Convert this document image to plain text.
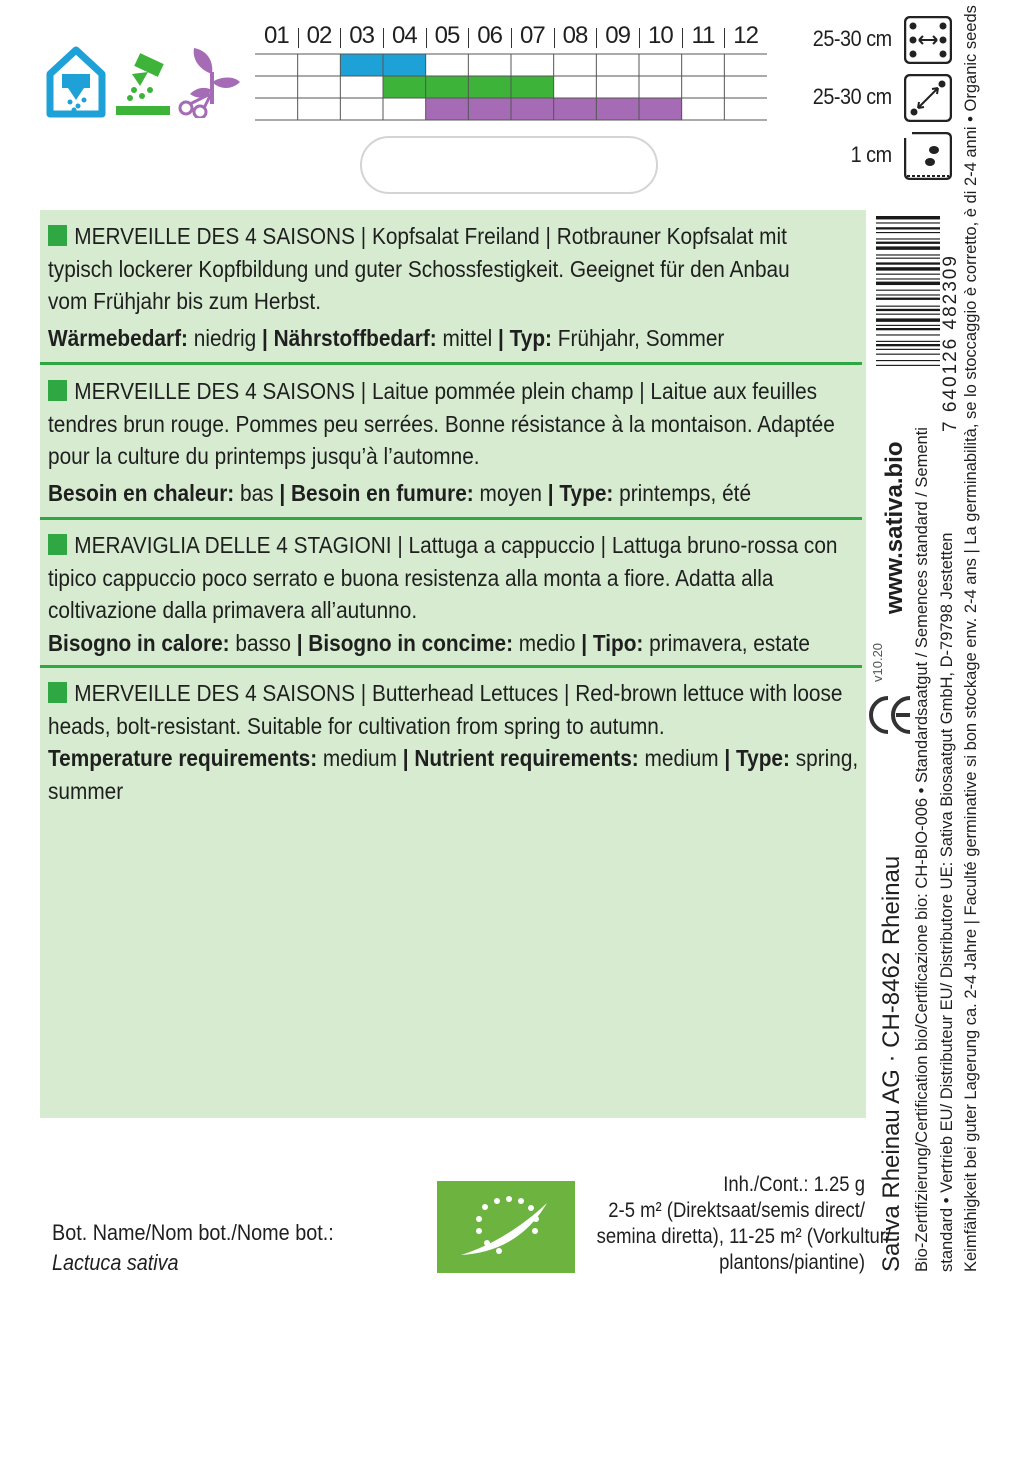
01 02 03 04 05 06 07 08 09 10 11 12	25-30 cm
25-30 cm
1 cm

MERVEILLE DES 4 SAISONS | Kopfsalat Freiland | Rotbrauner Kopfsalat mit
typisch lockerer Kopfbildung und guter Schossfestigkeit. Geeignet für den Anbau
vom Frühjahr bis zum Herbst.

Wärmebedarf: niedrig | Nährstoffbedarf: mittel | Typ: Frühjahr, Sommer

MERVEILLE DES 4 SAISONS | Laitue pommée plein champ | Laitue aux feuilles
tendres brun rouge. Pommes peu serrées. Bonne résistance à la montaison. Adaptée
pour la culture du printemps jusqu’à l’automne.

Besoin en chaleur: bas | Besoin en fumure: moyen | Type: printemps, été

MERAVIGLIA DELLE 4 STAGIONI | Lattuga a cappuccio | Lattuga bruno-rossa con
tipico cappuccio poco serrato e buona resistenza alla monta a fiore. Adatta alla
coltivazione dalla primavera all’autunno.

Bisogno in calore: basso | Bisogno in concime: medio | Tipo: primavera, estate

MERVEILLE DES 4 SAISONS | Butterhead Lettuces | Red-brown lettuce with loose
heads, bolt-resistant. Suitable for cultivation from spring to autumn.

Temperature requirements: medium | Nutrient requirements: medium | Type: spring,
summer

Bot. Name/Nom bot./Nome bot.:
Lactuca sativa
Inh./Cont.: 1.25 g
2-5 m² (Direktsaat/semis direct/
semina diretta), 11-25 m² (Vorkultur/
plantons/piantine)
7 640126 482309
www.sativa.bio
v10.20
Sativa Rheinau AG · CH-8462 Rheinau Bio-Zertifizierung/Certification bio/Certificazione bio: CH-BIO-006 • Standardsaatgut / Semences standard / Sementi standard • Vertrieb EU/ Distributeur EU/ Distributore UE: Sativa Biosaatgut GmbH, D-79798 Jestetten Keimfähigkeit bei guter Lagerung ca. 2-4 Jahre | Faculté germinative si bon stockage env. 2-4 ans | La germinabilità, se lo stoccaggio è corretto, è di 2-4 anni • Organic seeds
